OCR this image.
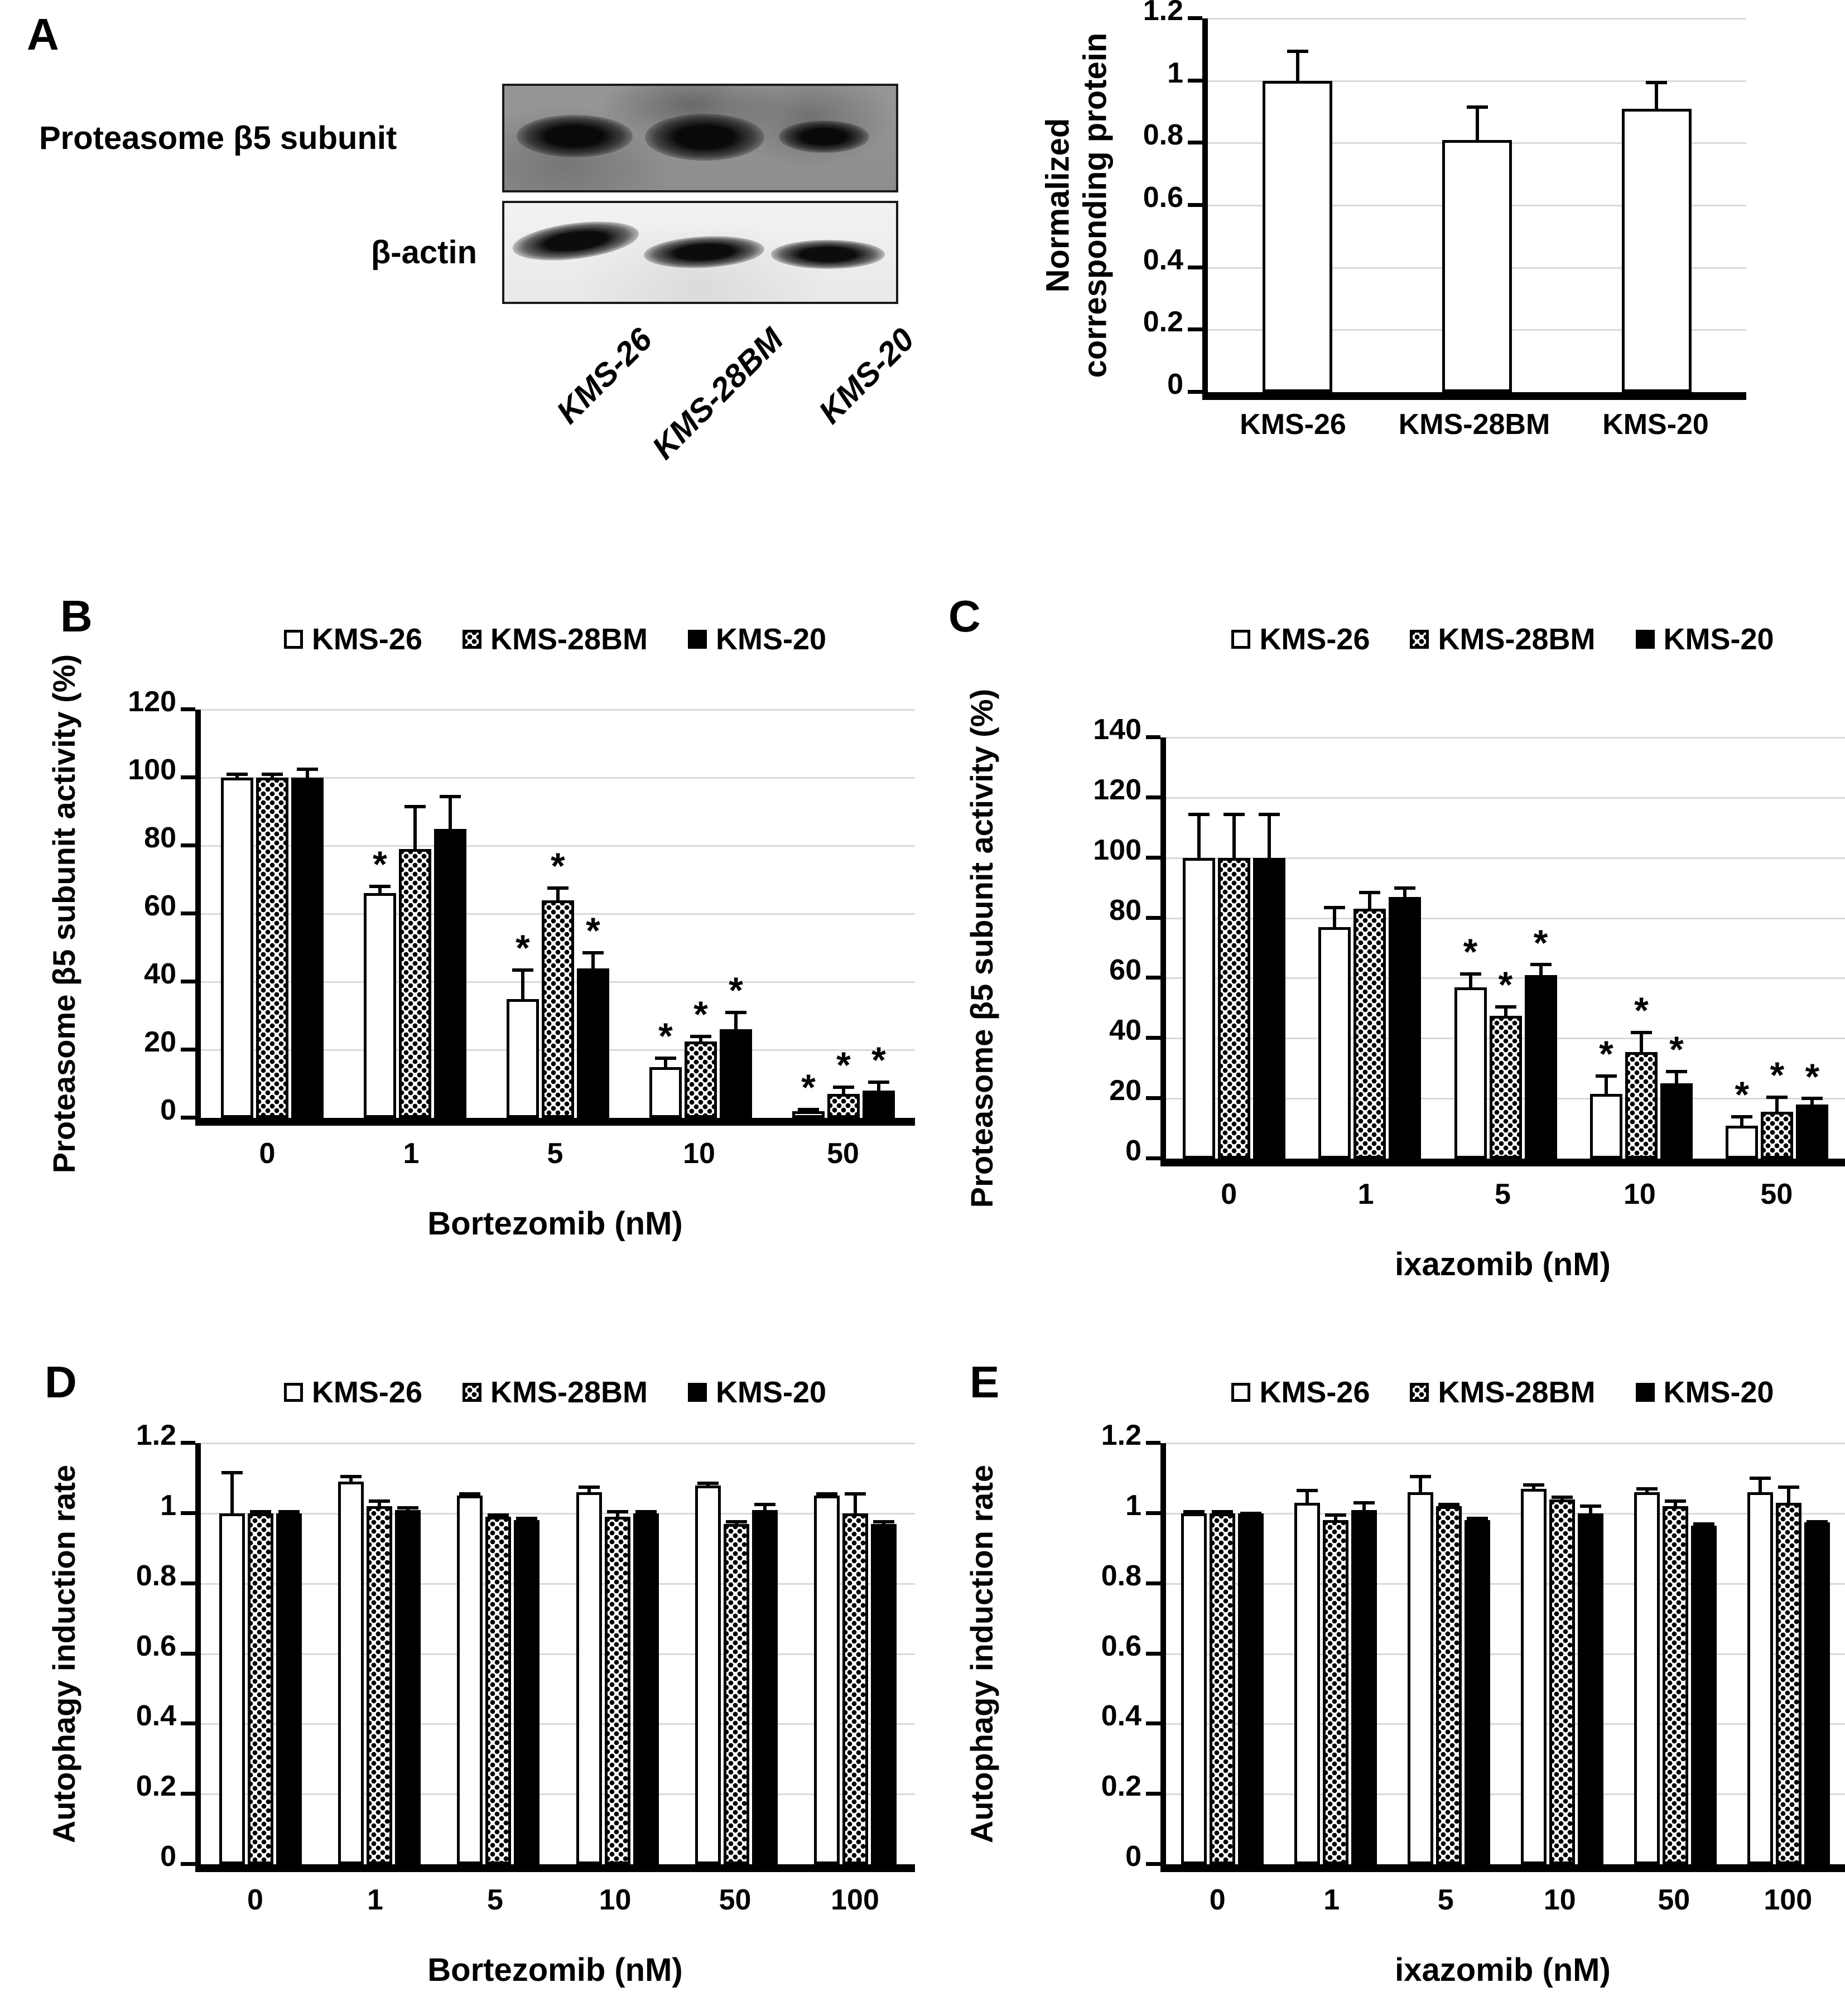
A
B	C
D	E
Proteasome β5 subunit
β-actin
KMS-26
KMS-28BM KMS-20
Normalized corresponding protein
0
0.2
0.4
0.6
0.8
1
1.2
KMS-26	KMS-28BM	KMS-20
KMS-26 KMS-28BM KMS-20
Proteasome β5 subunit activity (%)	0
20
40
60
80
100
120
*
*
*
*
*
*
*
*
* *
0	1	5	10	50
Bortezomib (nM)
KMS-26 KMS-28BM KMS-20
Proteasome β5 subunit activity (%)	0
20
40
60
80
100
120
140
*
*
*
*
*
*
* * *
0	1	5	10	50
ixazomib (nM)
KMS-26 KMS-28BM KMS-20
Autophagy induction rate
0
0.2
0.4
0.6
0.8
1
1.2
0	1	5	10	50	100
Bortezomib (nM)
KMS-26 KMS-28BM KMS-20
Autophagy induction rate
0
0.2
0.4
0.6
0.8
1
1.2
0	1	5	10	50	100
ixazomib (nM)
